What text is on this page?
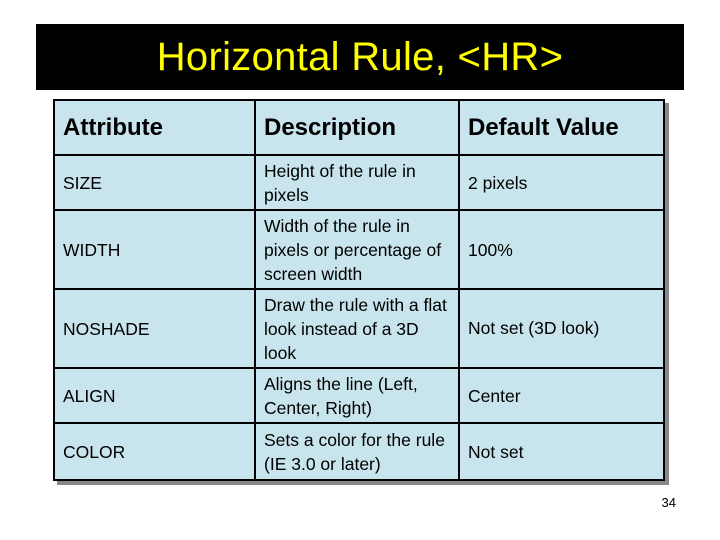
Horizontal Rule, <HR>
Attribute	Description	Default Value
SIZE
Height of the rule in pixels
2 pixels
WIDTH
Width of the rule in pixels or percentage of screen width
100%
NOSHADE
Draw the rule with a flat look instead of a 3D look
Not set (3D look)
ALIGN
Aligns the line (Left, Center, Right)
Center
COLOR
Sets a color for the rule (IE 3.0 or later)
Not set
34
